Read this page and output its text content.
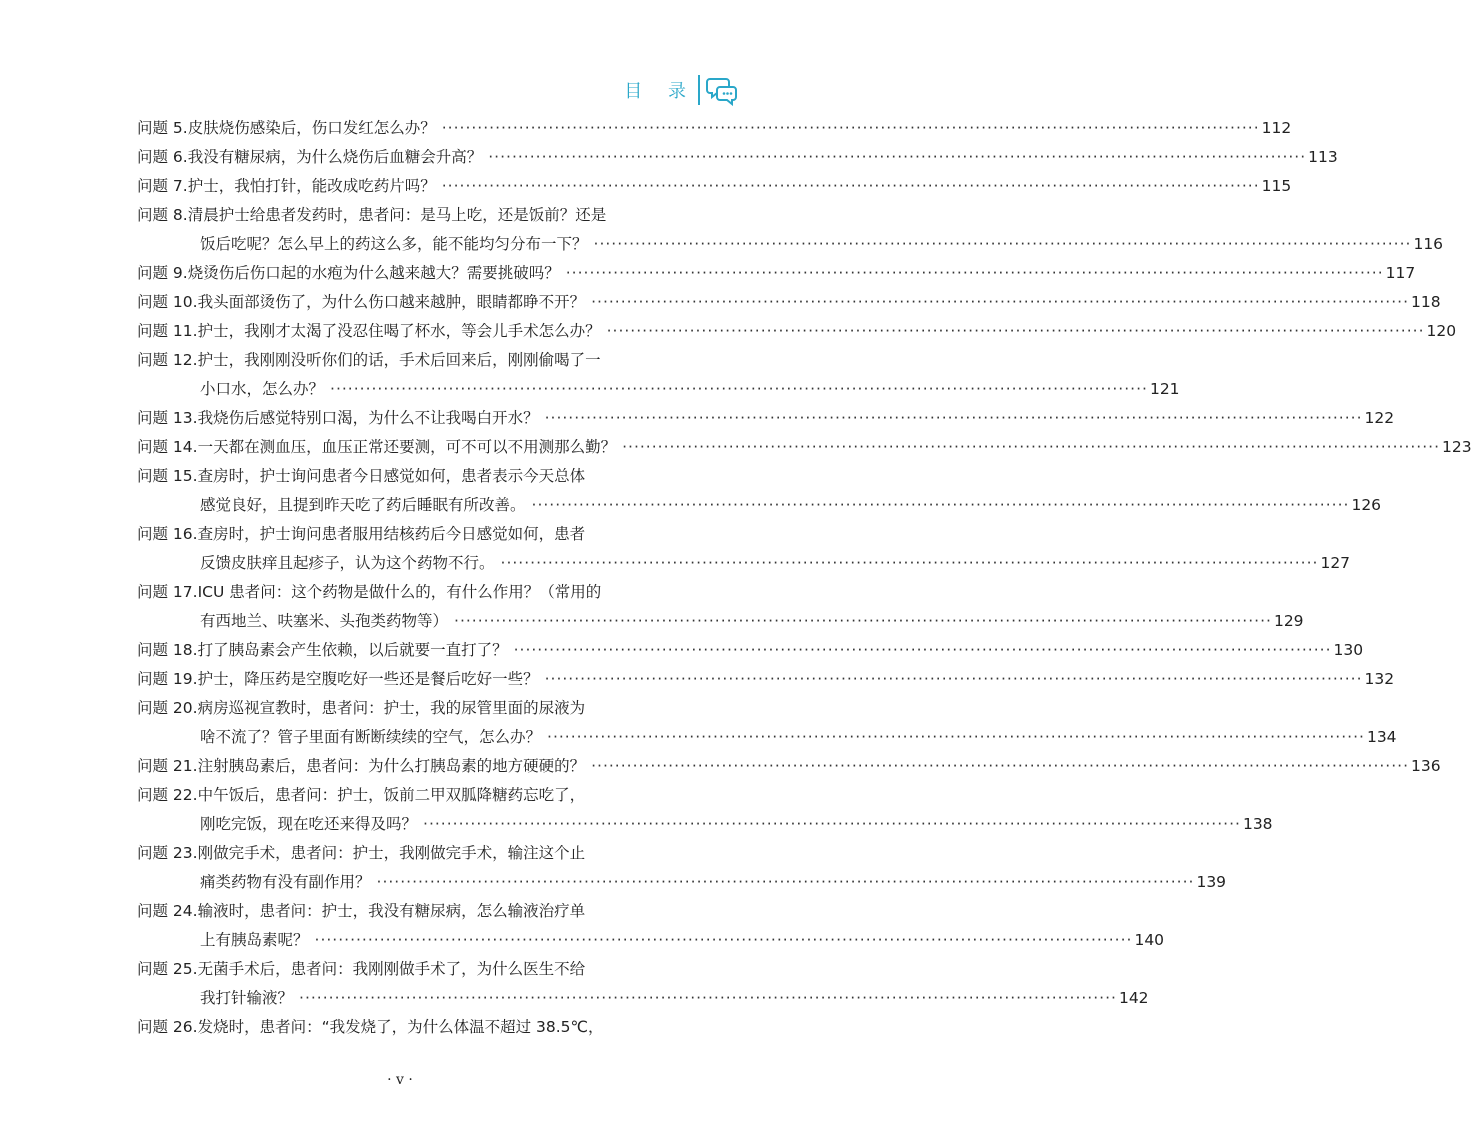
目 录
问题 5. 皮肤烧伤感染后，伤口发红怎么办？ ·····	112
问题 6. 我没有糖尿病，为什么烧伤后血糖会升高？ ·····	113
问题 7. 护士，我怕打针，能改成吃药片吗？ ·····	115
问题 8. 清晨护士给患者发药时，患者问：是马上吃，还是饭前？还是
饭后吃呢？怎么早上的药这么多，能不能均匀分布一下？ ·····	116
问题 9. 烧烫伤后伤口起的水疱为什么越来越大？需要挑破吗？ ·····	117
问题 10. 我头面部烫伤了，为什么伤口越来越肿，眼睛都睁不开？ ·····	118
问题 11. 护士，我刚才太渴了没忍住喝了杯水，等会儿手术怎么办？ ·····	120
问题 12. 护士，我刚刚没听你们的话，手术后回来后，刚刚偷喝了一
小口水，怎么办？ ·····	121
问题 13. 我烧伤后感觉特别口渴，为什么不让我喝白开水？ ·····	122
问题 14. 一天都在测血压，血压正常还要测，可不可以不用测那么勤？ ·····	123
问题 15. 查房时，护士询问患者今日感觉如何，患者表示今天总体
感觉良好，且提到昨天吃了药后睡眠有所改善。 ·····	126
问题 16. 查房时，护士询问患者服用结核药后今日感觉如何，患者
反馈皮肤痒且起疹子，认为这个药物不行。 ·····	127
问题 17. ICU 患者问：这个药物是做什么的，有什么作用？（常用的
有西地兰、呋塞米、头孢类药物等） ·····	129
问题 18. 打了胰岛素会产生依赖，以后就要一直打了？ ·····	130
问题 19. 护士，降压药是空腹吃好一些还是餐后吃好一些？ ·····	132
问题 20. 病房巡视宣教时，患者问：护士，我的尿管里面的尿液为
啥不流了？管子里面有断断续续的空气，怎么办？ ·····	134
问题 21. 注射胰岛素后，患者问：为什么打胰岛素的地方硬硬的？ ·····	136
问题 22. 中午饭后，患者问：护士，饭前二甲双胍降糖药忘吃了，
刚吃完饭，现在吃还来得及吗？ ·····	138
问题 23. 刚做完手术，患者问：护士，我刚做完手术，输注这个止
痛类药物有没有副作用？ ·····	139
问题 24. 输液时，患者问：护士，我没有糖尿病，怎么输液治疗单
上有胰岛素呢？ ·····	140
问题 25. 无菌手术后，患者问：我刚刚做手术了，为什么医生不给
我打针输液？ ·····	142
问题 26. 发烧时，患者问：“我发烧了，为什么体温不超过 38.5℃，
· v ·
